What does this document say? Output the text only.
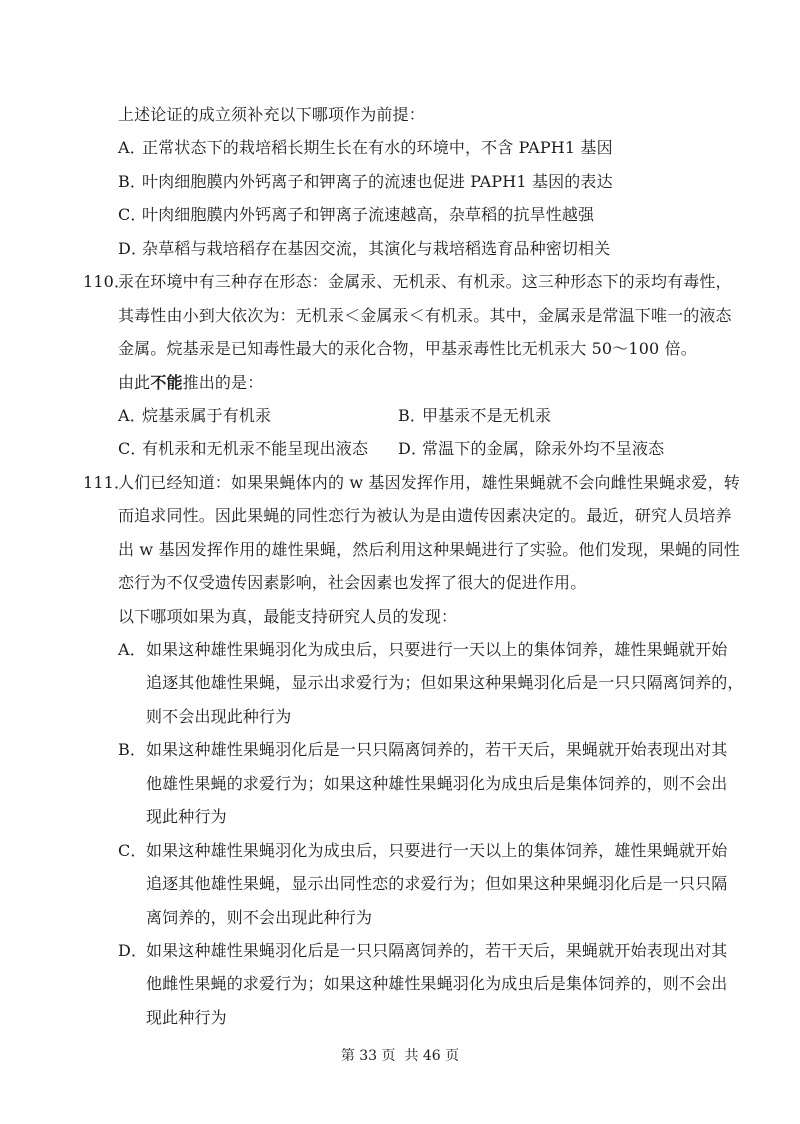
上述论证的成立须补充以下哪项作为前提：
A．正常状态下的栽培稻长期生长在有水的环境中，不含 PAPH1 基因
B．叶肉细胞膜内外钙离子和钾离子的流速也促进 PAPH1 基因的表达
C．叶肉细胞膜内外钙离子和钾离子流速越高，杂草稻的抗旱性越强
D．杂草稻与栽培稻存在基因交流，其演化与栽培稻选育品种密切相关
110．
汞在环境中有三种存在形态：金属汞、无机汞、有机汞。这三种形态下的汞均有毒性，
其毒性由小到大依次为：无机汞＜金属汞＜有机汞。其中，金属汞是常温下唯一的液态
金属。烷基汞是已知毒性最大的汞化合物，甲基汞毒性比无机汞大 50～100 倍。
由此不能推出的是：
A．烷基汞属于有机汞	B．甲基汞不是无机汞
C．有机汞和无机汞不能呈现出液态 D．常温下的金属，除汞外均不呈液态
111．
人们已经知道：如果果蝇体内的 w 基因发挥作用，雄性果蝇就不会向雌性果蝇求爱，转
而追求同性。因此果蝇的同性恋行为被认为是由遗传因素决定的。最近，研究人员培养
出 w 基因发挥作用的雄性果蝇，然后利用这种果蝇进行了实验。他们发现，果蝇的同性
恋行为不仅受遗传因素影响，社会因素也发挥了很大的促进作用。
以下哪项如果为真，最能支持研究人员的发现：
A．如果这种雄性果蝇羽化为成虫后，只要进行一天以上的集体饲养，雄性果蝇就开始
追逐其他雄性果蝇，显示出求爱行为；但如果这种果蝇羽化后是一只只隔离饲养的，
则不会出现此种行为
B．如果这种雄性果蝇羽化后是一只只隔离饲养的，若干天后，果蝇就开始表现出对其
他雄性果蝇的求爱行为；如果这种雄性果蝇羽化为成虫后是集体饲养的，则不会出
现此种行为
C．如果这种雄性果蝇羽化为成虫后，只要进行一天以上的集体饲养，雄性果蝇就开始
追逐其他雄性果蝇，显示出同性恋的求爱行为；但如果这种果蝇羽化后是一只只隔
离饲养的，则不会出现此种行为
D．如果这种雄性果蝇羽化后是一只只隔离饲养的，若干天后，果蝇就开始表现出对其
他雌性果蝇的求爱行为；如果这种雄性果蝇羽化为成虫后是集体饲养的，则不会出
现此种行为
第 33 页  共 46 页
